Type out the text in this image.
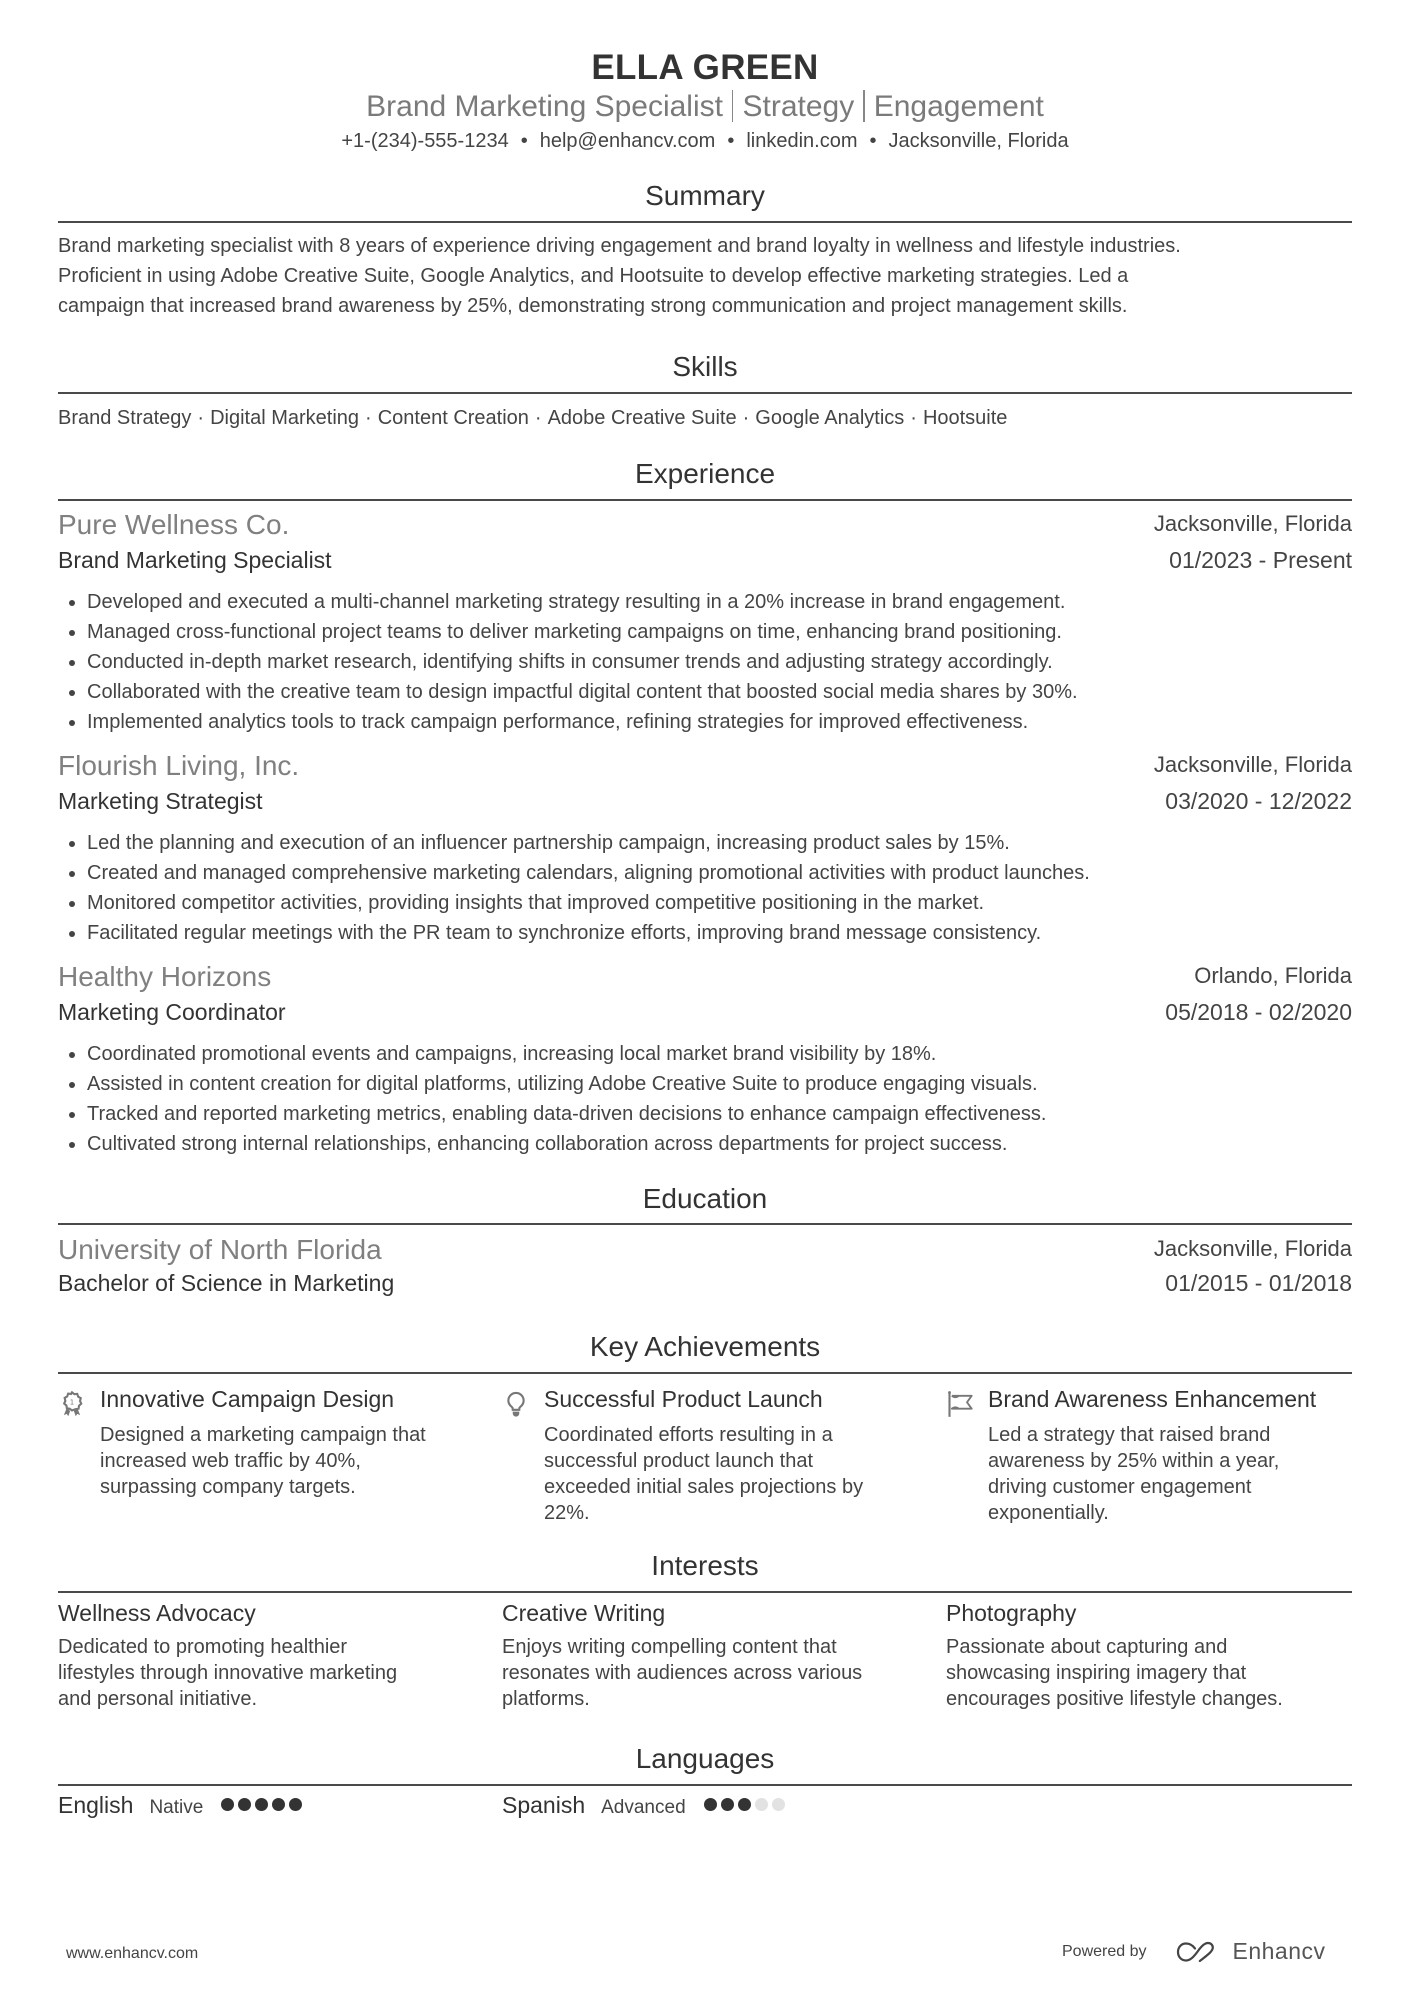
ELLA GREEN
Brand Marketing Specialist Strategy Engagement
+1-(234)-555-1234 • help@enhancv.com • linkedin.com • Jacksonville, Florida
Summary
Brand marketing specialist with 8 years of experience driving engagement and brand loyalty in wellness and lifestyle industries.
Proficient in using Adobe Creative Suite, Google Analytics, and Hootsuite to develop effective marketing strategies. Led a
campaign that increased brand awareness by 25%, demonstrating strong communication and project management skills.
Skills
Brand Strategy · Digital Marketing · Content Creation · Adobe Creative Suite · Google Analytics · Hootsuite
Experience
Pure Wellness Co.	Jacksonville, Florida
Brand Marketing Specialist	01/2023 - Present
Developed and executed a multi-channel marketing strategy resulting in a 20% increase in brand engagement.
Managed cross-functional project teams to deliver marketing campaigns on time, enhancing brand positioning.
Conducted in-depth market research, identifying shifts in consumer trends and adjusting strategy accordingly.
Collaborated with the creative team to design impactful digital content that boosted social media shares by 30%.
Implemented analytics tools to track campaign performance, refining strategies for improved effectiveness.
Flourish Living, Inc.	Jacksonville, Florida
Marketing Strategist	03/2020 - 12/2022
Led the planning and execution of an influencer partnership campaign, increasing product sales by 15%.
Created and managed comprehensive marketing calendars, aligning promotional activities with product launches.
Monitored competitor activities, providing insights that improved competitive positioning in the market.
Facilitated regular meetings with the PR team to synchronize efforts, improving brand message consistency.
Healthy Horizons	Orlando, Florida
Marketing Coordinator	05/2018 - 02/2020
Coordinated promotional events and campaigns, increasing local market brand visibility by 18%.
Assisted in content creation for digital platforms, utilizing Adobe Creative Suite to produce engaging visuals.
Tracked and reported marketing metrics, enabling data-driven decisions to enhance campaign effectiveness.
Cultivated strong internal relationships, enhancing collaboration across departments for project success.
Education
University of North Florida	Jacksonville, Florida
Bachelor of Science in Marketing	01/2015 - 01/2018
Key Achievements
1 Innovative Campaign Design
Designed a marketing campaign that
increased web traffic by 40%,
surpassing company targets.
Successful Product Launch
Coordinated efforts resulting in a
successful product launch that
exceeded initial sales projections by
22%.
Brand Awareness Enhancement
Led a strategy that raised brand
awareness by 25% within a year,
driving customer engagement
exponentially.
Interests
Wellness Advocacy
Dedicated to promoting healthier
lifestyles through innovative marketing
and personal initiative.
Creative Writing
Enjoys writing compelling content that
resonates with audiences across various
platforms.
Photography
Passionate about capturing and
showcasing inspiring imagery that
encourages positive lifestyle changes.
Languages
English Native	Spanish Advanced
www.enhancv.com	Powered by	Enhancv
